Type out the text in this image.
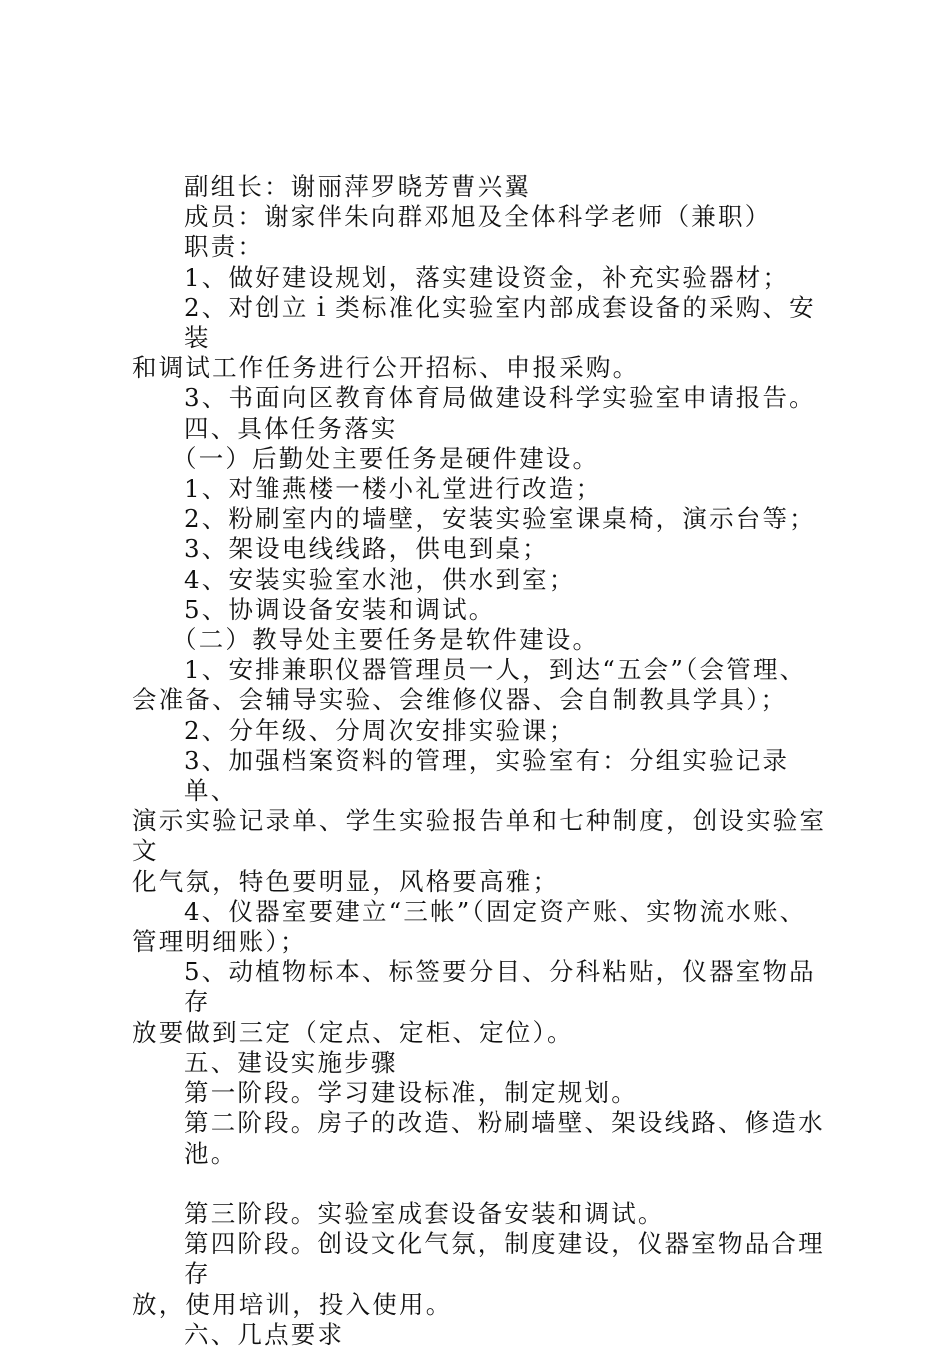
副组长：谢丽萍罗晓芳曹兴翼
成员：谢家伴朱向群邓旭及全体科学老师（兼职）
职责：
1、做好建设规划，落实建设资金，补充实验器材；
2、对创立ｉ类标准化实验室内部成套设备的采购、安装
和调试工作任务进行公开招标、申报采购。
3、书面向区教育体育局做建设科学实验室申请报告。
四、具体任务落实
（一）后勤处主要任务是硬件建设。
1、对雏燕楼一楼小礼堂进行改造；
2、粉刷室内的墙壁，安装实验室课桌椅，演示台等；
3、架设电线线路，供电到桌；
4、安装实验室水池，供水到室；
5、协调设备安装和调试。
（二）教导处主要任务是软件建设。
1、安排兼职仪器管理员一人，到达“五会”（会管理、
会准备、会辅导实验、会维修仪器、会自制教具学具）；
2、分年级、分周次安排实验课；
3、加强档案资料的管理，实验室有：分组实验记录单、
演示实验记录单、学生实验报告单和七种制度，创设实验室文
化气氛，特色要明显，风格要高雅；
4、仪器室要建立“三帐”（固定资产账、实物流水账、
管理明细账）；
5、动植物标本、标签要分目、分科粘贴，仪器室物品存
放要做到三定（定点、定柜、定位）。
五、建设实施步骤
第一阶段。学习建设标准，制定规划。
第二阶段。房子的改造、粉刷墙壁、架设线路、修造水池。
第三阶段。实验室成套设备安装和调试。
第四阶段。创设文化气氛，制度建设，仪器室物品合理存
放，使用培训，投入使用。
六、几点要求
